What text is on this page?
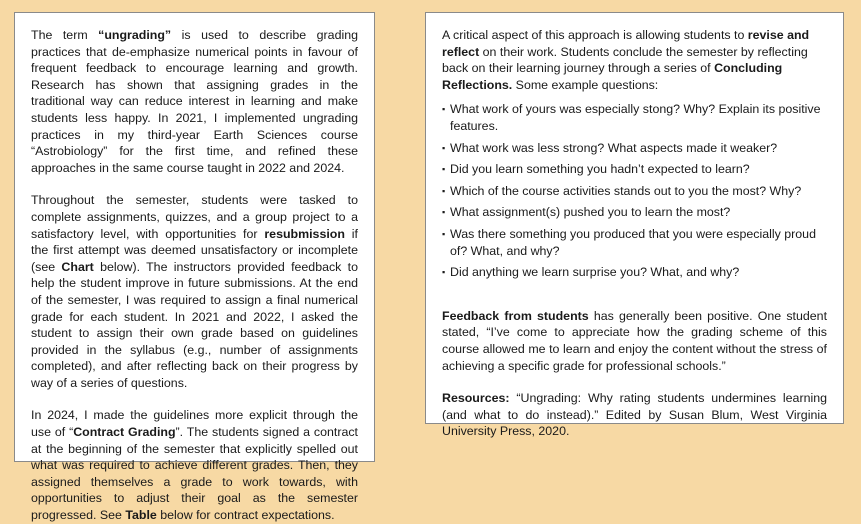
The term “ungrading” is used to describe grading practices that de-emphasize numerical points in favour of frequent feedback to encourage learning and growth. Research has shown that assigning grades in the traditional way can reduce interest in learning and make students less happy. In 2021, I implemented ungrading practices in my third-year Earth Sciences course “Astrobiology” for the first time, and refined these approaches in the same course taught in 2022 and 2024.

Throughout the semester, students were tasked to complete assignments, quizzes, and a group project to a satisfactory level, with opportunities for resubmission if the first attempt was deemed unsatisfactory or incomplete (see Chart below). The instructors provided feedback to help the student improve in future submissions. At the end of the semester, I was required to assign a final numerical grade for each student. In 2021 and 2022, I asked the student to assign their own grade based on guidelines provided in the syllabus (e.g., number of assignments completed), and after reflecting back on their progress by way of a series of questions.

In 2024, I made the guidelines more explicit through the use of “Contract Grading”. The students signed a contract at the beginning of the semester that explicitly spelled out what was required to achieve different grades. Then, they assigned themselves a grade to work towards, with opportunities to adjust their goal as the semester progressed. See Table below for contract expectations.

A critical aspect of this approach is allowing students to revise and reflect on their work. Students conclude the semester by reflecting back on their learning journey through a series of Concluding Reflections. Some example questions:

▪ What work of yours was especially stong? Why? Explain its positive features.
▪ What work was less strong? What aspects made it weaker?
▪ Did you learn something you hadn’t expected to learn?
▪ Which of the course activities stands out to you the most? Why?
▪ What assignment(s) pushed you to learn the most?
▪ Was there something you produced that you were especially proud of? What, and why?
▪ Did anything we learn surprise you? What, and why?

Feedback from students has generally been positive. One student stated, “I’ve come to appreciate how the grading scheme of this course allowed me to learn and enjoy the content without the stress of achieving a specific grade for professional schools.”

Resources: “Ungrading: Why rating students undermines learning (and what to do instead).” Edited by Susan Blum, West Virginia University Press, 2020.
